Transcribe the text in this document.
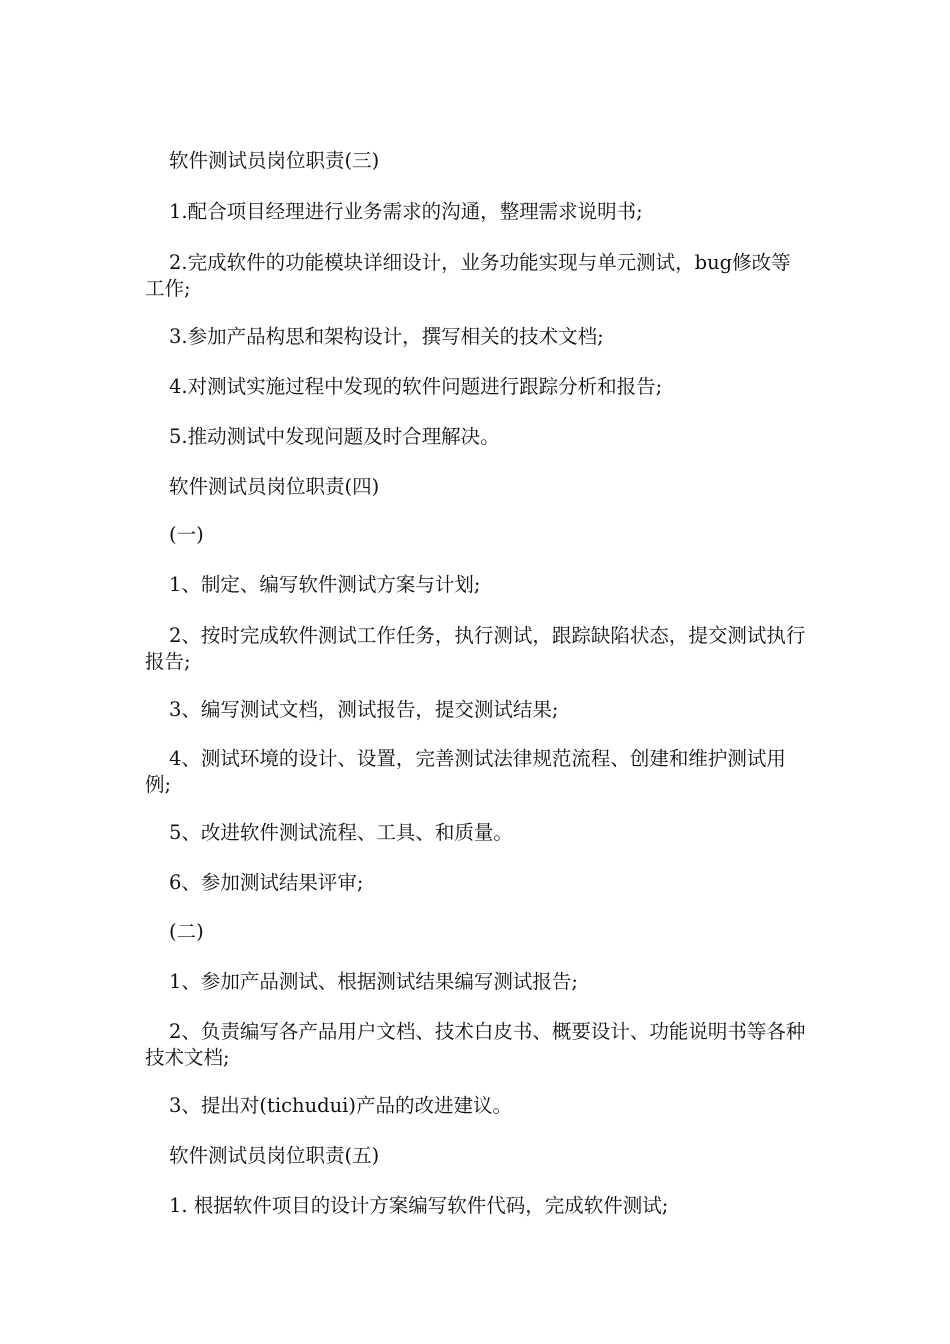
软件测试员岗位职责(三)

1.配合项目经理进行业务需求的沟通，整理需求说明书;

2.完成软件的功能模块详细设计，业务功能实现与单元测试，bug修改等工作;

3.参加产品构思和架构设计，撰写相关的技术文档;

4.对测试实施过程中发现的软件问题进行跟踪分析和报告;

5.推动测试中发现问题及时合理解决。

软件测试员岗位职责(四)

(一)

1、制定、编写软件测试方案与计划;

2、按时完成软件测试工作任务，执行测试，跟踪缺陷状态，提交测试执行报告;

3、编写测试文档，测试报告，提交测试结果;

4、测试环境的设计、设置，完善测试法律规范流程、创建和维护测试用例;

5、改进软件测试流程、工具、和质量。

6、参加测试结果评审;

(二)

1、参加产品测试、根据测试结果编写测试报告;

2、负责编写各产品用户文档、技术白皮书、概要设计、功能说明书等各种技术文档;

3、提出对(tichudui)产品的改进建议。

软件测试员岗位职责(五)

1. 根据软件项目的设计方案编写软件代码，完成软件测试;
